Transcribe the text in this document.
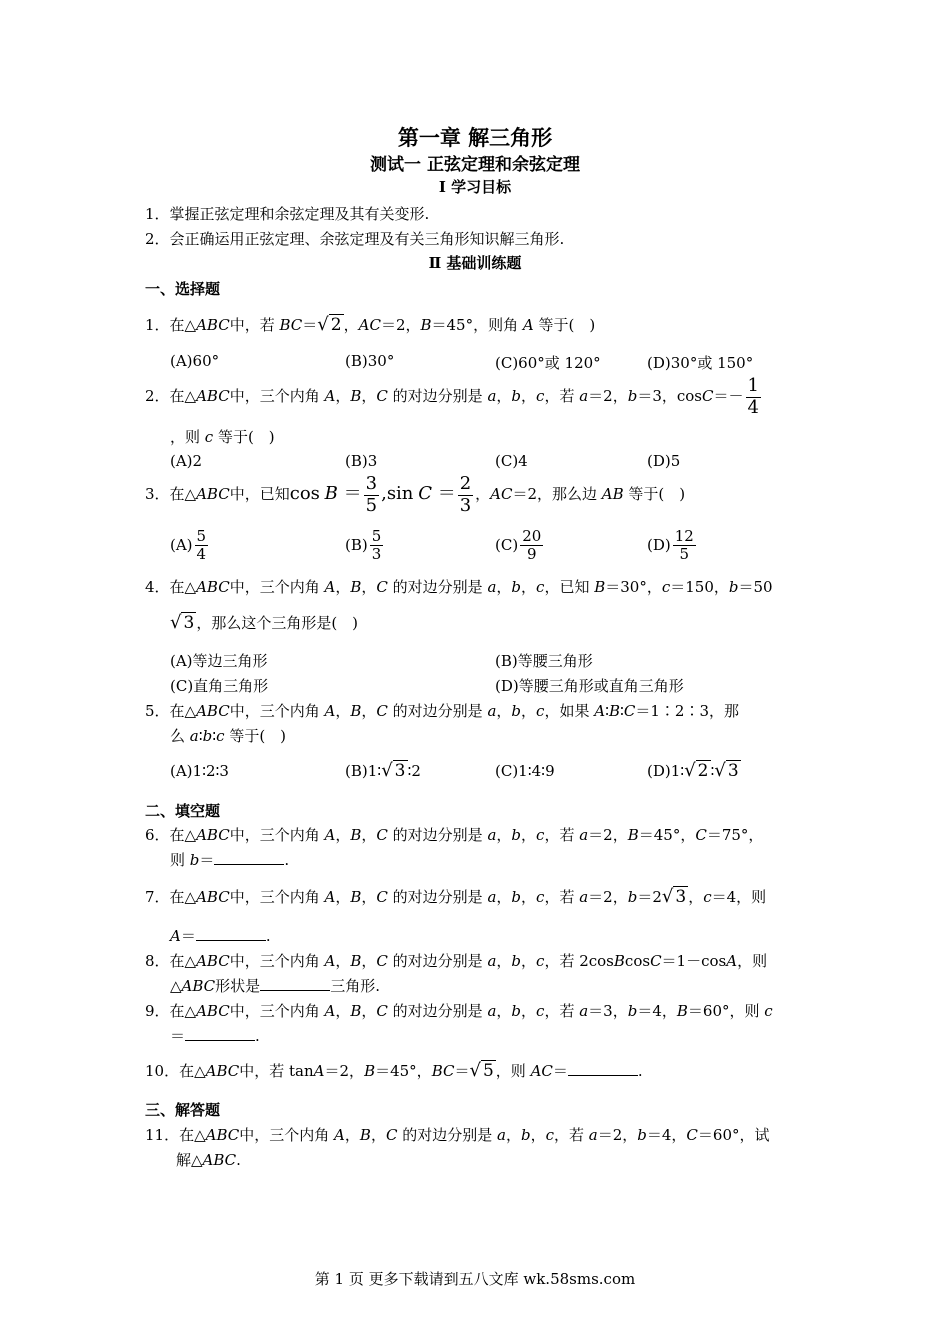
第一章 解三角形
测试一 正弦定理和余弦定理
Ⅰ 学习目标
1．掌握正弦定理和余弦定理及其有关变形.
2．会正确运用正弦定理、余弦定理及有关三角形知识解三角形.
Ⅱ 基础训练题
一、选择题
1．在△ABC中，若 BC＝√ 2 ，AC＝2，B＝45°，则角 A 等于(　)
(A)60°	(B)30°	(C)60°或 120°	(D)30°或 150°
2．在△ABC中，三个内角 A，B，C 的对边分别是 a，b，c，若 a＝2，b＝3，$\cos C=- \frac{1}{4}$
，则 c 等于(　)
(A)2	(B)3	(C)4	(D)5
3．在△ABC中，已知$\cos B = \frac{3}{5} ,\sin$ $C = \frac{2}{3}$ ，AC＝2，那么边 AB 等于(　)
$(A) \frac{5}{4}$	$(B) \frac{5}{3}$	$(C) \frac{20}{9}$	$(D) \frac{12}{5}$
4．在△ABC中，三个内角 A，B，C 的对边分别是 a，b，c，已知 B＝30°，c＝150，b＝50
√ 3 ，那么这个三角形是(　)
(A)等边三角形	(B)等腰三角形
(C)直角三角形	(D)等腰三角形或直角三角形
5．在△ABC中，三个内角 A，B，C 的对边分别是 a，b，c，如果 A∶B∶C＝1∶2∶3，那
么 a∶b∶c 等于(　)
(A)1∶2∶3	(B)1∶√ 3 ∶2	(C)1∶4∶9	(D)1∶√ 2 ∶√ 3
二、填空题
6．在△ABC中，三个内角 A，B，C 的对边分别是 a，b，c，若 a＝2，B＝45°，C＝75°，
则 b＝	.
7．在△ABC中，三个内角 A，B，C 的对边分别是 a，b，c，若 a＝2，b＝2√ 3 ，c＝4，则
A＝	.
8．在△ABC中，三个内角 A，B，C 的对边分别是 a，b，c，若 2cosBcosC＝1－cosA，则
△ABC形状是	三角形.
9．在△ABC中，三个内角 A，B，C 的对边分别是 a，b，c，若 a＝3，b＝4，B＝60°，则 c
＝	.
10．在△ABC中，若 tanA＝2，B＝45°，BC＝√ 5 ，则 AC＝	.
三、解答题
11．在△ABC中，三个内角 A，B，C 的对边分别是 a，b，c，若 a＝2，b＝4，C＝60°，试
解△ABC.
第 1 页 更多下载请到五八文库 wk.58sms.com
